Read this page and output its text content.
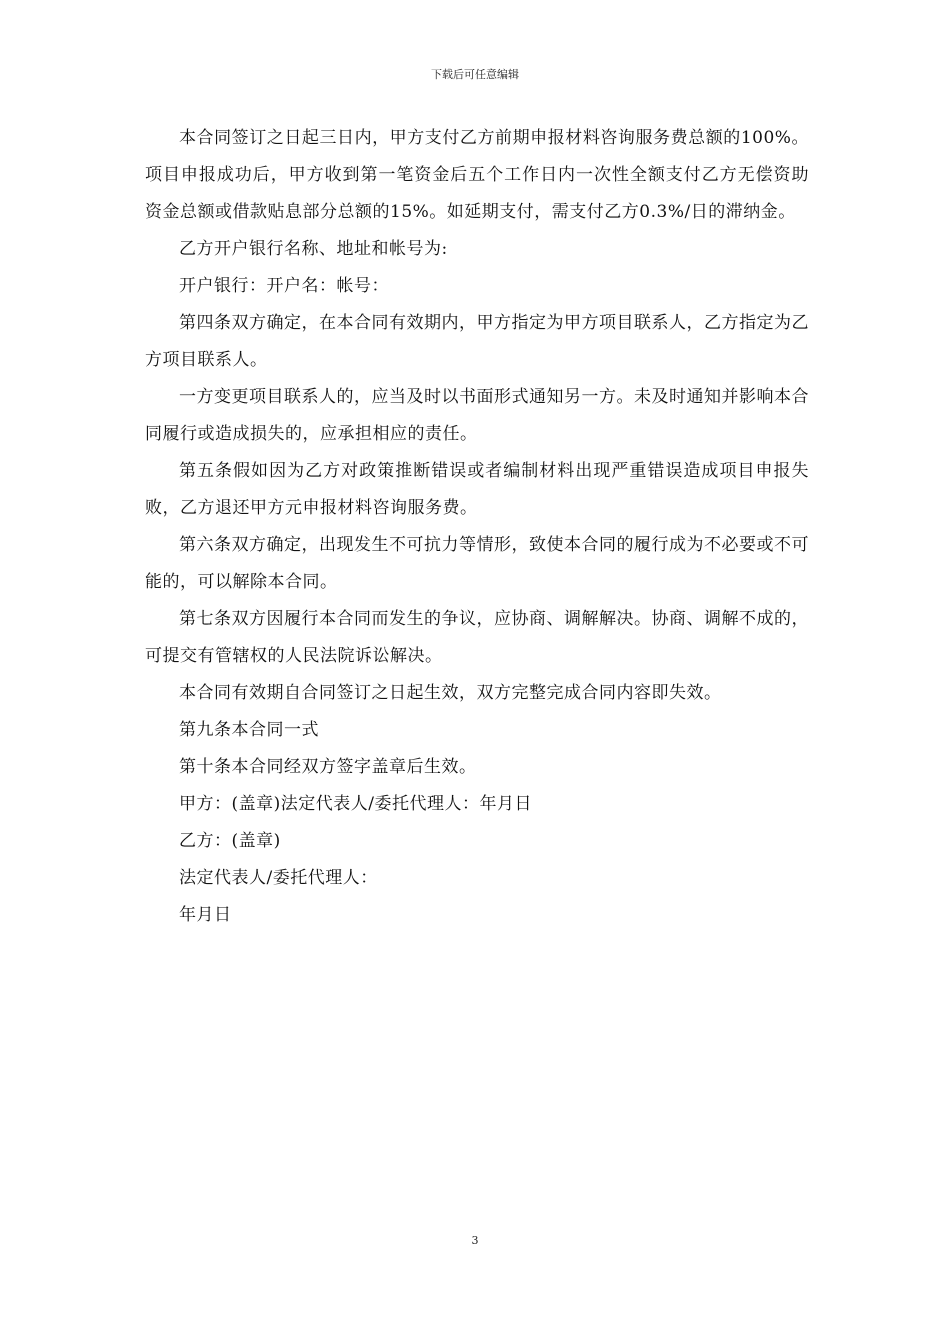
下载后可任意编辑

本合同签订之日起三日内，甲方支付乙方前期申报材料咨询服务费总额的100%。项目申报成功后，甲方收到第一笔资金后五个工作日内一次性全额支付乙方无偿资助资金总额或借款贴息部分总额的15%。如延期支付，需支付乙方0.3%/日的滞纳金。

乙方开户银行名称、地址和帐号为:

开户银行：开户名：帐号：

第四条双方确定，在本合同有效期内，甲方指定为甲方项目联系人，乙方指定为乙方项目联系人。

一方变更项目联系人的，应当及时以书面形式通知另一方。未及时通知并影响本合同履行或造成损失的，应承担相应的责任。

第五条假如因为乙方对政策推断错误或者编制材料出现严重错误造成项目申报失败，乙方退还甲方元申报材料咨询服务费。

第六条双方确定，出现发生不可抗力等情形，致使本合同的履行成为不必要或不可能的，可以解除本合同。

第七条双方因履行本合同而发生的争议，应协商、调解解决。协商、调解不成的，可提交有管辖权的人民法院诉讼解决。

本合同有效期自合同签订之日起生效，双方完整完成合同内容即失效。

第九条本合同一式

第十条本合同经双方签字盖章后生效。

甲方：(盖章)法定代表人/委托代理人：年月日

乙方：(盖章)

法定代表人/委托代理人：

年月日

3
